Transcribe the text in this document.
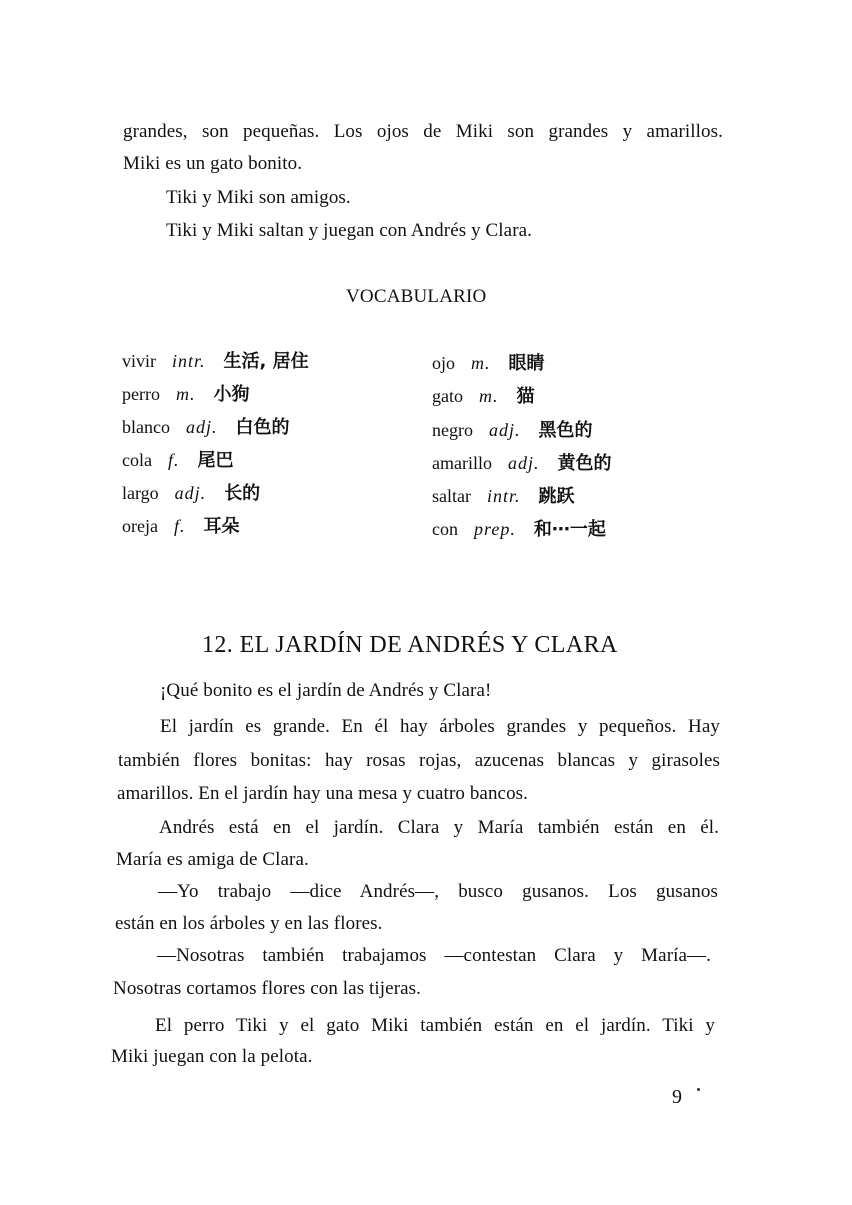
grandes, son pequeñas. Los ojos de Miki son grandes y amarillos.
Miki es un gato bonito.
Tiki y Miki son amigos.
Tiki y Miki saltan y juegan con Andrés y Clara.
VOCABULARIO
vivir intr. 生活, 居住
perro m. 小狗
blanco adj. 白色的
cola f. 尾巴
largo adj. 长的
oreja f. 耳朵
ojo m. 眼睛
gato m. 猫
negro adj. 黑色的
amarillo adj. 黄色的
saltar intr. 跳跃
con prep. 和⋯一起
12. EL JARDÍN DE ANDRÉS Y CLARA
¡Qué bonito es el jardín de Andrés y Clara!
El jardín es grande. En él hay árboles grandes y pequeños. Hay
también flores bonitas: hay rosas rojas, azucenas blancas y girasoles
amarillos. En el jardín hay una mesa y cuatro bancos.
Andrés está en el jardín. Clara y María también están en él.
María es amiga de Clara.
—Yo trabajo —dice Andrés—, busco gusanos. Los gusanos
están en los árboles y en las flores.
—Nosotras también trabajamos —contestan Clara y María—.
Nosotras cortamos flores con las tijeras.
El perro Tiki y el gato Miki también están en el jardín. Tiki y
Miki juegan con la pelota.
9
